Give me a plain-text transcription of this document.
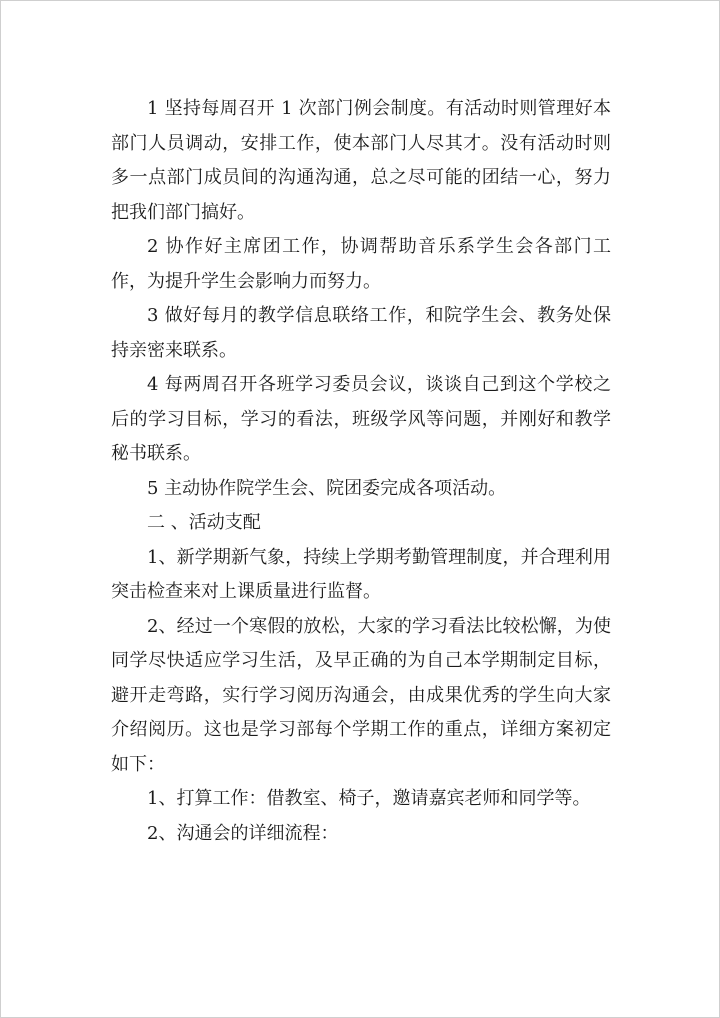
1 坚持每周召开 1 次部门例会制度。有活动时则管理好本部门人员调动，安排工作，使本部门人尽其才。没有活动时则多一点部门成员间的沟通沟通，总之尽可能的团结一心，努力把我们部门搞好。

2 协作好主席团工作，协调帮助音乐系学生会各部门工作，为提升学生会影响力而努力。

3 做好每月的教学信息联络工作，和院学生会、教务处保持亲密来联系。

4 每两周召开各班学习委员会议，谈谈自己到这个学校之后的学习目标，学习的看法，班级学风等问题，并刚好和教学秘书联系。

5 主动协作院学生会、院团委完成各项活动。

二 、活动支配

1、新学期新气象，持续上学期考勤管理制度，并合理利用突击检查来对上课质量进行监督。

2、经过一个寒假的放松，大家的学习看法比较松懈，为使同学尽快适应学习生活，及早正确的为自己本学期制定目标，避开走弯路，实行学习阅历沟通会，由成果优秀的学生向大家介绍阅历。这也是学习部每个学期工作的重点，详细方案初定如下：

1、打算工作：借教室、椅子，邀请嘉宾老师和同学等。

2、沟通会的详细流程：
